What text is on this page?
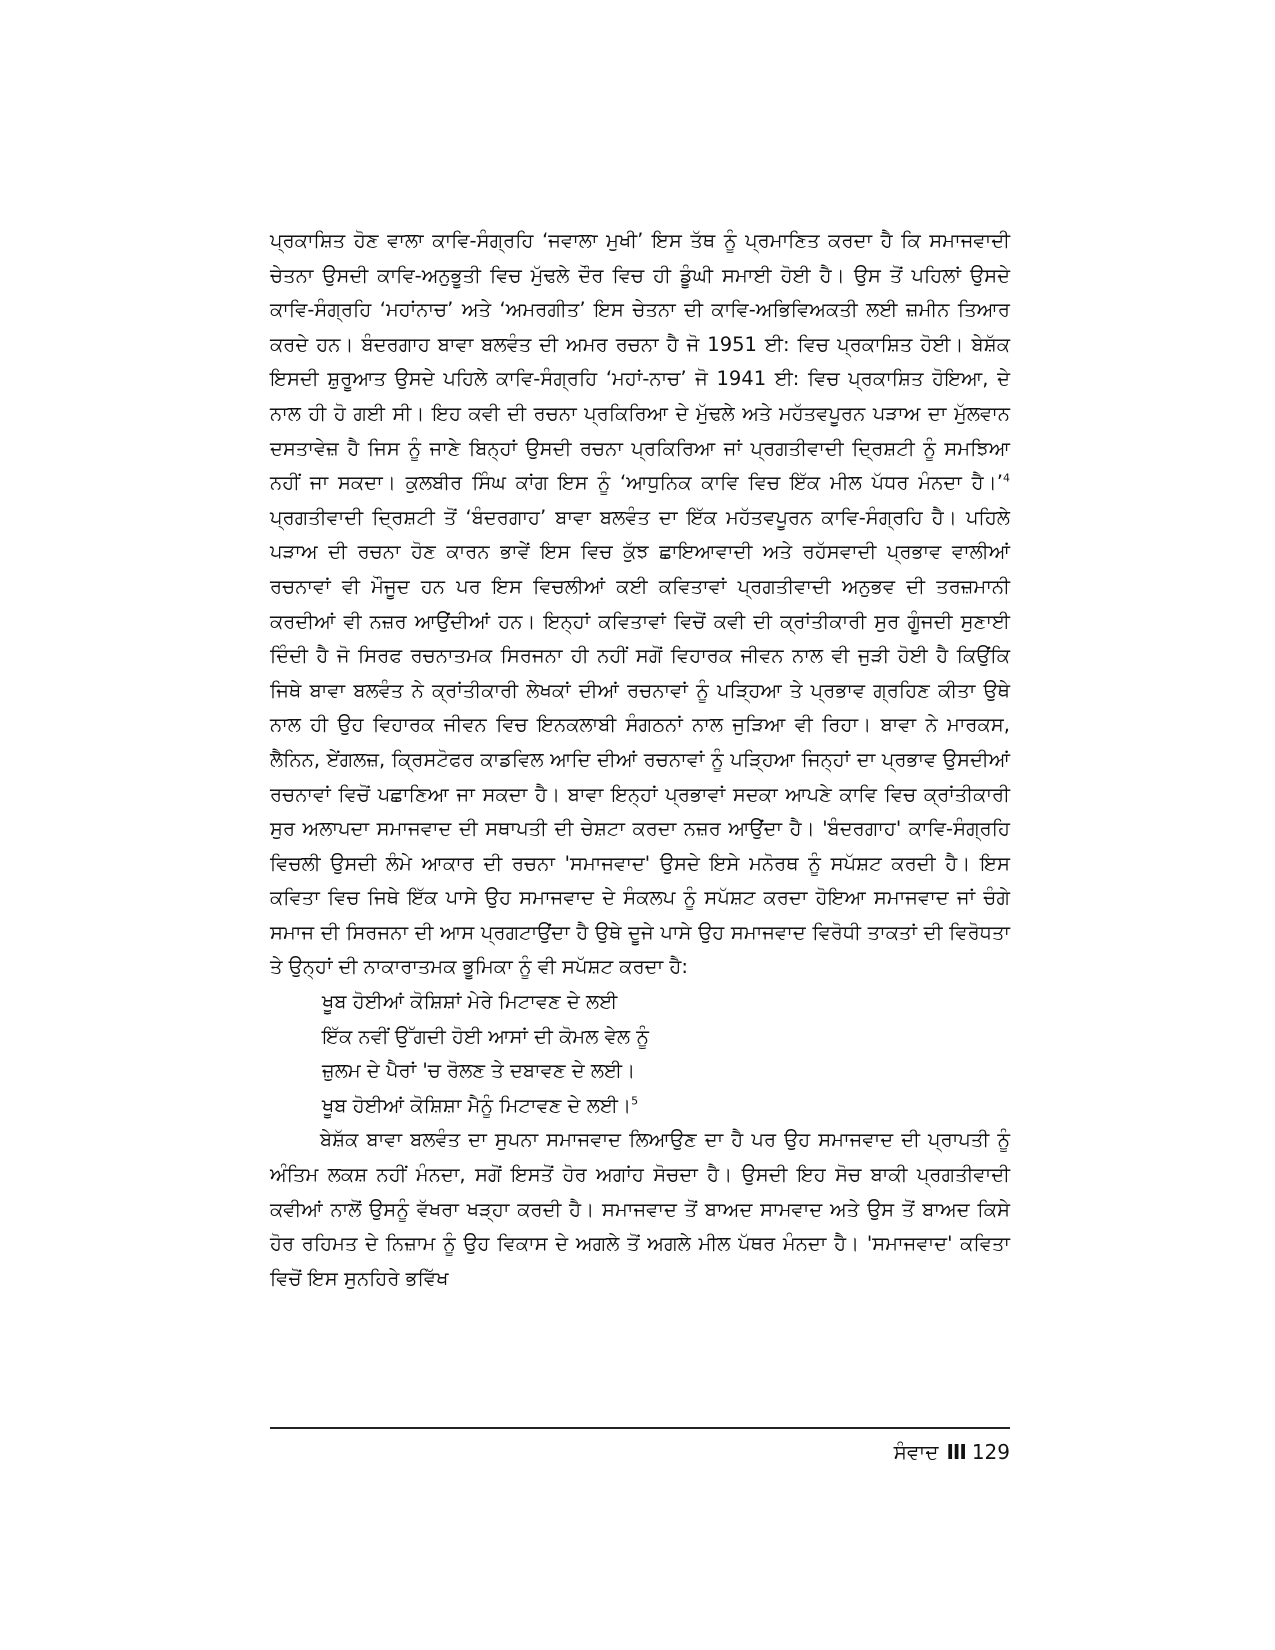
ਪ੍ਰਕਾਸ਼ਿਤ ਹੋਣ ਵਾਲਾ ਕਾਵਿ-ਸੰਗ੍ਰਹਿ ‘ਜਵਾਲਾ ਮੁਖੀ’ ਇਸ ਤੱਥ ਨੂੰ ਪ੍ਰਮਾਣਿਤ ਕਰਦਾ ਹੈ ਕਿ ਸਮਾਜਵਾਦੀ ਚੇਤਨਾ ਉਸਦੀ ਕਾਵਿ-ਅਨੁਭੂਤੀ ਵਿਚ ਮੁੱਢਲੇ ਦੌਰ ਵਿਚ ਹੀ ਡੂੰਘੀ ਸਮਾਈ ਹੋਈ ਹੈ। ਉਸ ਤੋਂ ਪਹਿਲਾਂ ਉਸਦੇ ਕਾਵਿ-ਸੰਗ੍ਰਹਿ ‘ਮਹਾਂਨਾਚ’ ਅਤੇ ‘ਅਮਰਗੀਤ’ ਇਸ ਚੇਤਨਾ ਦੀ ਕਾਵਿ-ਅਭਿਵਿਅਕਤੀ ਲਈ ਜ਼ਮੀਨ ਤਿਆਰ ਕਰਦੇ ਹਨ। ਬੰਦਰਗਾਹ ਬਾਵਾ ਬਲਵੰਤ ਦੀ ਅਮਰ ਰਚਨਾ ਹੈ ਜੋ 1951 ਈ: ਵਿਚ ਪ੍ਰਕਾਸ਼ਿਤ ਹੋਈ। ਬੇਸ਼ੱਕ ਇਸਦੀ ਸ਼ੁਰੂਆਤ ਉਸਦੇ ਪਹਿਲੇ ਕਾਵਿ-ਸੰਗ੍ਰਹਿ ‘ਮਹਾਂ-ਨਾਚ’ ਜੋ 1941 ਈ: ਵਿਚ ਪ੍ਰਕਾਸ਼ਿਤ ਹੋਇਆ, ਦੇ ਨਾਲ ਹੀ ਹੋ ਗਈ ਸੀ। ਇਹ ਕਵੀ ਦੀ ਰਚਨਾ ਪ੍ਰਕਿਰਿਆ ਦੇ ਮੁੱਢਲੇ ਅਤੇ ਮਹੱਤਵਪੂਰਨ ਪੜਾਅ ਦਾ ਮੁੱਲਵਾਨ ਦਸਤਾਵੇਜ਼ ਹੈ ਜਿਸ ਨੂੰ ਜਾਣੇ ਬਿਨ੍ਹਾਂ ਉਸਦੀ ਰਚਨਾ ਪ੍ਰਕਿਰਿਆ ਜਾਂ ਪ੍ਰਗਤੀਵਾਦੀ ਦ੍ਰਿਸ਼ਟੀ ਨੂੰ ਸਮਝਿਆ ਨਹੀਂ ਜਾ ਸਕਦਾ। ਕੁਲਬੀਰ ਸਿੰਘ ਕਾਂਗ ਇਸ ਨੂੰ ‘ਆਧੁਨਿਕ ਕਾਵਿ ਵਿਚ ਇੱਕ ਮੀਲ ਪੱਧਰ ਮੰਨਦਾ ਹੈ।’$^4$ ਪ੍ਰਗਤੀਵਾਦੀ ਦ੍ਰਿਸ਼ਟੀ ਤੋਂ ‘ਬੰਦਰਗਾਹ’ ਬਾਵਾ ਬਲਵੰਤ ਦਾ ਇੱਕ ਮਹੱਤਵਪੂਰਨ ਕਾਵਿ-ਸੰਗ੍ਰਹਿ ਹੈ। ਪਹਿਲੇ ਪੜਾਅ ਦੀ ਰਚਨਾ ਹੋਣ ਕਾਰਨ ਭਾਵੇਂ ਇਸ ਵਿਚ ਕੁੱਝ ਛਾਇਆਵਾਦੀ ਅਤੇ ਰਹੱਸਵਾਦੀ ਪ੍ਰਭਾਵ ਵਾਲੀਆਂ ਰਚਨਾਵਾਂ ਵੀ ਮੌਜੂਦ ਹਨ ਪਰ ਇਸ ਵਿਚਲੀਆਂ ਕਈ ਕਵਿਤਾਵਾਂ ਪ੍ਰਗਤੀਵਾਦੀ ਅਨੁਭਵ ਦੀ ਤਰਜ਼ਮਾਨੀ ਕਰਦੀਆਂ ਵੀ ਨਜ਼ਰ ਆਉਂਦੀਆਂ ਹਨ। ਇਨ੍ਹਾਂ ਕਵਿਤਾਵਾਂ ਵਿਚੋਂ ਕਵੀ ਦੀ ਕ੍ਰਾਂਤੀਕਾਰੀ ਸੁਰ ਗੂੰਜਦੀ ਸੁਣਾਈ ਦਿੰਦੀ ਹੈ ਜੋ ਸਿਰਫ ਰਚਨਾਤਮਕ ਸਿਰਜਨਾ ਹੀ ਨਹੀਂ ਸਗੋਂ ਵਿਹਾਰਕ ਜੀਵਨ ਨਾਲ ਵੀ ਜੁੜੀ ਹੋਈ ਹੈ ਕਿਉਂਕਿ ਜਿਥੇ ਬਾਵਾ ਬਲਵੰਤ ਨੇ ਕ੍ਰਾਂਤੀਕਾਰੀ ਲੇਖਕਾਂ ਦੀਆਂ ਰਚਨਾਵਾਂ ਨੂੰ ਪੜ੍ਹਿਆ ਤੇ ਪ੍ਰਭਾਵ ਗ੍ਰਹਿਣ ਕੀਤਾ ਉਥੇ ਨਾਲ ਹੀ ਉਹ ਵਿਹਾਰਕ ਜੀਵਨ ਵਿਚ ਇਨਕਲਾਬੀ ਸੰਗਠਨਾਂ ਨਾਲ ਜੁੜਿਆ ਵੀ ਰਿਹਾ। ਬਾਵਾ ਨੇ ਮਾਰਕਸ, ਲੈਨਿਨ, ਏਂਗਲਜ਼, ਕ੍ਰਿਸਟੋਫਰ ਕਾਡਵਿਲ ਆਦਿ ਦੀਆਂ ਰਚਨਾਵਾਂ ਨੂੰ ਪੜ੍ਹਿਆ ਜਿਨ੍ਹਾਂ ਦਾ ਪ੍ਰਭਾਵ ਉਸਦੀਆਂ ਰਚਨਾਵਾਂ ਵਿਚੋਂ ਪਛਾਣਿਆ ਜਾ ਸਕਦਾ ਹੈ। ਬਾਵਾ ਇਨ੍ਹਾਂ ਪ੍ਰਭਾਵਾਂ ਸਦਕਾ ਆਪਣੇ ਕਾਵਿ ਵਿਚ ਕ੍ਰਾਂਤੀਕਾਰੀ ਸੁਰ ਅਲਾਪਦਾ ਸਮਾਜਵਾਦ ਦੀ ਸਥਾਪਤੀ ਦੀ ਚੇਸ਼ਟਾ ਕਰਦਾ ਨਜ਼ਰ ਆਉਂਦਾ ਹੈ। 'ਬੰਦਰਗਾਹ' ਕਾਵਿ-ਸੰਗ੍ਰਹਿ ਵਿਚਲੀ ਉਸਦੀ ਲੰਮੇ ਆਕਾਰ ਦੀ ਰਚਨਾ 'ਸਮਾਜਵਾਦ' ਉਸਦੇ ਇਸੇ ਮਨੋਰਥ ਨੂੰ ਸਪੱਸ਼ਟ ਕਰਦੀ ਹੈ। ਇਸ ਕਵਿਤਾ ਵਿਚ ਜਿਥੇ ਇੱਕ ਪਾਸੇ ਉਹ ਸਮਾਜਵਾਦ ਦੇ ਸੰਕਲਪ ਨੂੰ ਸਪੱਸ਼ਟ ਕਰਦਾ ਹੋਇਆ ਸਮਾਜਵਾਦ ਜਾਂ ਚੰਗੇ ਸਮਾਜ ਦੀ ਸਿਰਜਨਾ ਦੀ ਆਸ ਪ੍ਰਗਟਾਉਂਦਾ ਹੈ ਉਥੇ ਦੂਜੇ ਪਾਸੇ ਉਹ ਸਮਾਜਵਾਦ ਵਿਰੋਧੀ ਤਾਕਤਾਂ ਦੀ ਵਿਰੋਧਤਾ ਤੇ ਉਨ੍ਹਾਂ ਦੀ ਨਾਕਾਰਾਤਮਕ ਭੂਮਿਕਾ ਨੂੰ ਵੀ ਸਪੱਸ਼ਟ ਕਰਦਾ ਹੈ:

ਖੂਬ ਹੋਈਆਂ ਕੋਸ਼ਿਸ਼ਾਂ ਮੇਰੇ ਮਿਟਾਵਣ ਦੇ ਲਈ
ਇੱਕ ਨਵੀਂ ਉੱਗਦੀ ਹੋਈ ਆਸਾਂ ਦੀ ਕੋਮਲ ਵੇਲ ਨੂੰ
ਜ਼ੁਲਮ ਦੇ ਪੈਰਾਂ 'ਚ ਰੋਲਣ ਤੇ ਦਬਾਵਣ ਦੇ ਲਈ।
ਖੂਬ ਹੋਈਆਂ ਕੋਸ਼ਿਸ਼ਾ ਮੈਨੂੰ ਮਿਟਾਵਣ ਦੇ ਲਈ।$^5$

ਬੇਸ਼ੱਕ ਬਾਵਾ ਬਲਵੰਤ ਦਾ ਸੁਪਨਾ ਸਮਾਜਵਾਦ ਲਿਆਉਣ ਦਾ ਹੈ ਪਰ ਉਹ ਸਮਾਜਵਾਦ ਦੀ ਪ੍ਰਾਪਤੀ ਨੂੰ ਅੰਤਿਮ ਲਕਸ਼ ਨਹੀਂ ਮੰਨਦਾ, ਸਗੋਂ ਇਸਤੋਂ ਹੋਰ ਅਗਾਂਹ ਸੋਚਦਾ ਹੈ। ਉਸਦੀ ਇਹ ਸੋਚ ਬਾਕੀ ਪ੍ਰਗਤੀਵਾਦੀ ਕਵੀਆਂ ਨਾਲੋਂ ਉਸਨੂੰ ਵੱਖਰਾ ਖੜ੍ਹਾ ਕਰਦੀ ਹੈ। ਸਮਾਜਵਾਦ ਤੋਂ ਬਾਅਦ ਸਾਮਵਾਦ ਅਤੇ ਉਸ ਤੋਂ ਬਾਅਦ ਕਿਸੇ ਹੋਰ ਰਹਿਮਤ ਦੇ ਨਿਜ਼ਾਮ ਨੂੰ ਉਹ ਵਿਕਾਸ ਦੇ ਅਗਲੇ ਤੋਂ ਅਗਲੇ ਮੀਲ ਪੱਥਰ ਮੰਨਦਾ ਹੈ। 'ਸਮਾਜਵਾਦ' ਕਵਿਤਾ ਵਿਚੋਂ ਇਸ ਸੁਨਹਿਰੇ ਭਵਿੱਖ

ਸੰਵਾਦ III 129
